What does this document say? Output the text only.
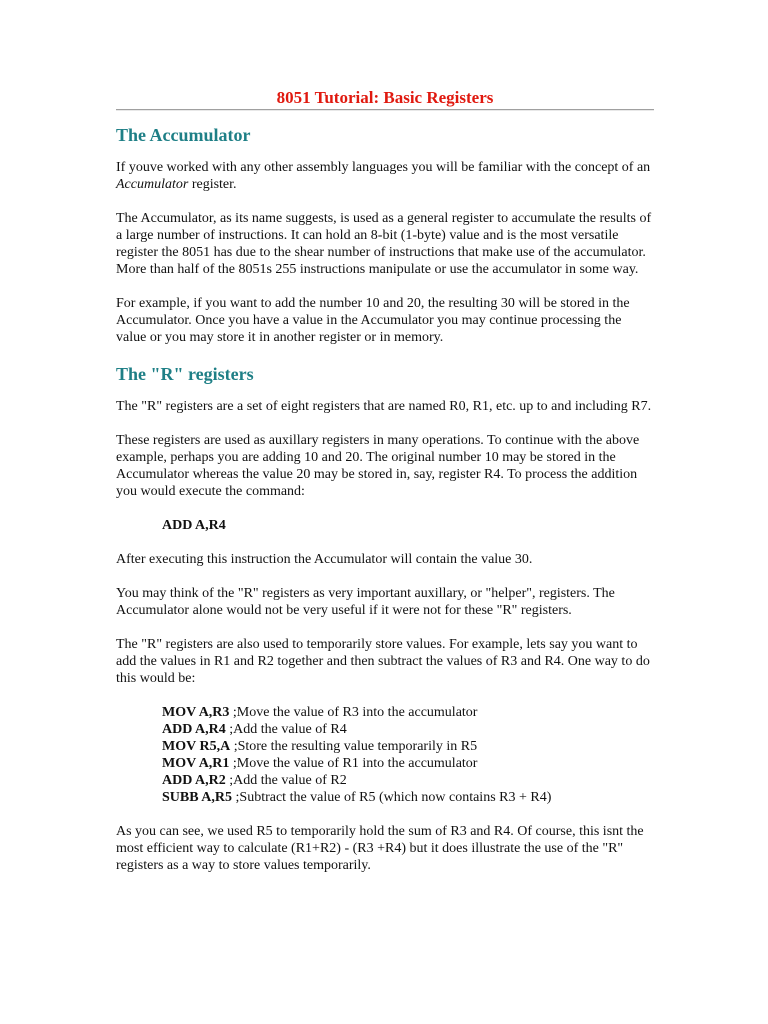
8051 Tutorial: Basic Registers
The Accumulator

If youve worked with any other assembly languages you will be familiar with the concept of an Accumulator register.

The Accumulator, as its name suggests, is used as a general register to accumulate the results of a large number of instructions. It can hold an 8-bit (1-byte) value and is the most versatile register the 8051 has due to the shear number of instructions that make use of the accumulator. More than half of the 8051s 255 instructions manipulate or use the accumulator in some way.

For example, if you want to add the number 10 and 20, the resulting 30 will be stored in the Accumulator. Once you have a value in the Accumulator you may continue processing the value or you may store it in another register or in memory.

The "R" registers

The "R" registers are a set of eight registers that are named R0, R1, etc. up to and including R7.

These registers are used as auxillary registers in many operations. To continue with the above example, perhaps you are adding 10 and 20. The original number 10 may be stored in the Accumulator whereas the value 20 may be stored in, say, register R4. To process the addition you would execute the command:

ADD A,R4

After executing this instruction the Accumulator will contain the value 30.

You may think of the "R" registers as very important auxillary, or "helper", registers. The Accumulator alone would not be very useful if it were not for these "R" registers.

The "R" registers are also used to temporarily store values. For example, lets say you want to add the values in R1 and R2 together and then subtract the values of R3 and R4. One way to do this would be:

MOV A,R3 ;Move the value of R3 into the accumulator
ADD A,R4 ;Add the value of R4
MOV R5,A ;Store the resulting value temporarily in R5
MOV A,R1 ;Move the value of R1 into the accumulator
ADD A,R2 ;Add the value of R2
SUBB A,R5 ;Subtract the value of R5 (which now contains R3 + R4)

As you can see, we used R5 to temporarily hold the sum of R3 and R4. Of course, this isnt the most efficient way to calculate (R1+R2) - (R3 +R4) but it does illustrate the use of the "R" registers as a way to store values temporarily.
